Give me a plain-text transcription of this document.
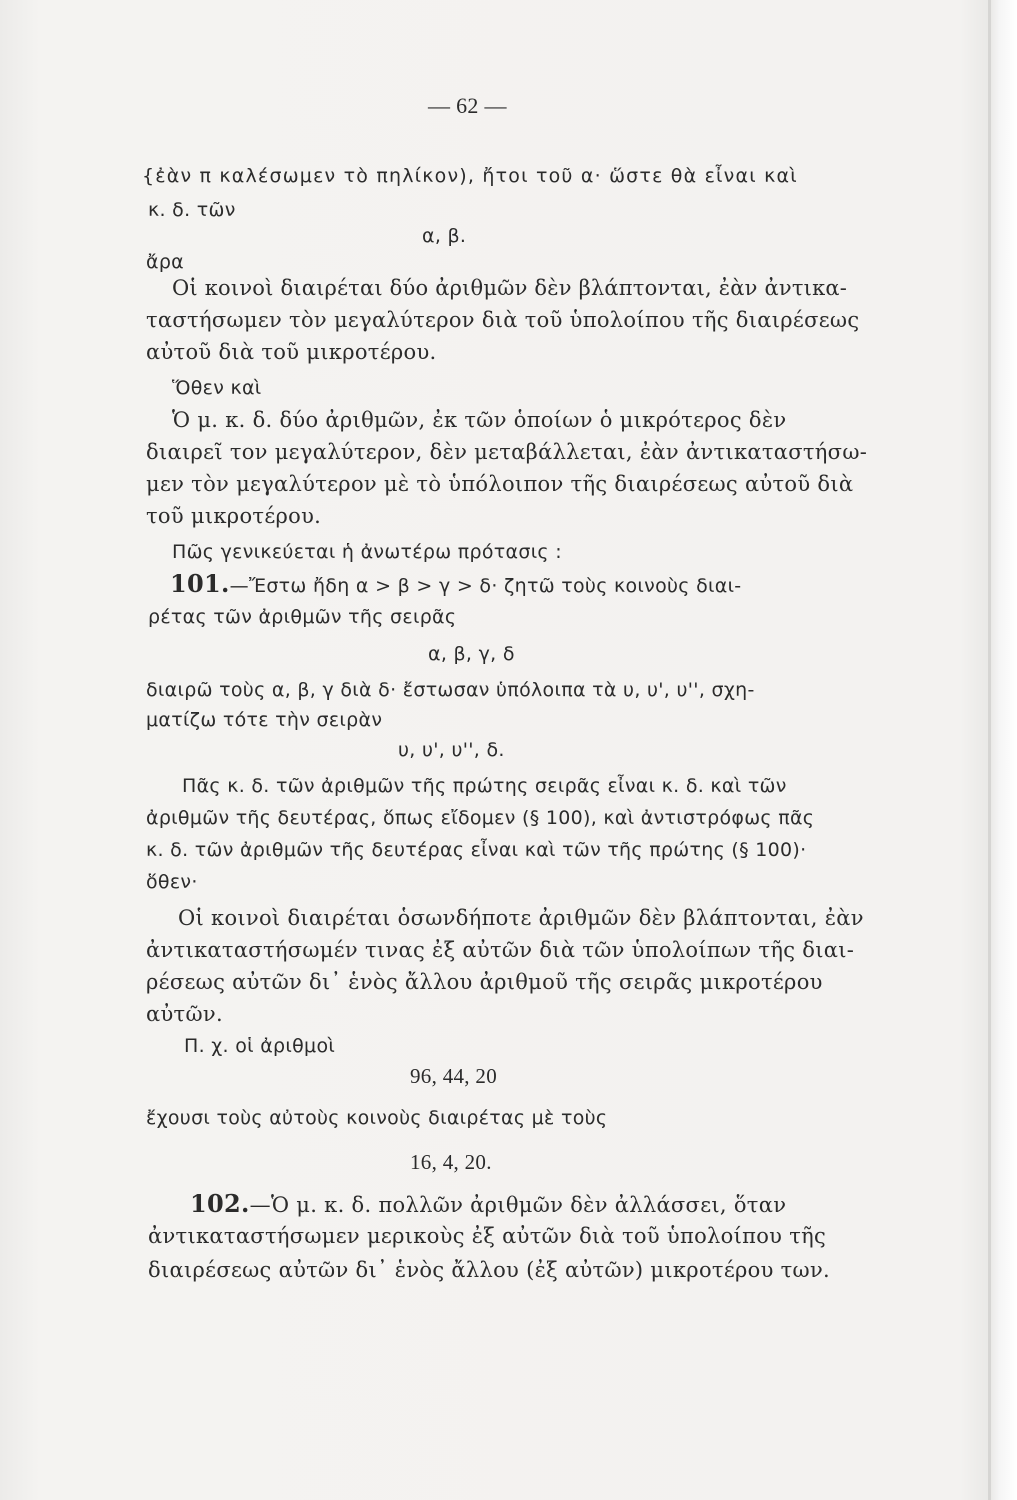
— 62 —
{ἐὰν π καλέσωμεν τὸ πηλίκον), ἤτοι τοῦ α· ὥστε θὰ εἶναι καὶ
κ. δ. τῶν
α, β.
ἄρα
Οἱ κοινοὶ διαιρέται δύο ἀριθμῶν δὲν βλάπτονται, ἐὰν ἀντικα-
ταστήσωμεν τὸν μεγαλύτερον διὰ τοῦ ὑπολοίπου τῆς διαιρέσεως
αὐτοῦ διὰ τοῦ μικροτέρου.
Ὅθεν καὶ
Ὁ μ. κ. δ. δύο ἀριθμῶν, ἐκ τῶν ὁποίων ὁ μικρότερος δὲν
διαιρεῖ τον μεγαλύτερον, δὲν μεταβάλλεται, ἐὰν ἀντικαταστήσω-
μεν τὸν μεγαλύτερον μὲ τὸ ὑπόλοιπον τῆς διαιρέσεως αὐτοῦ διὰ
τοῦ μικροτέρου.
Πῶς γενικεύεται ἡ ἀνωτέρω πρότασις :
101.—Ἔστω ἤδη α > β > γ > δ· ζητῶ τοὺς κοινοὺς διαι-
ρέτας τῶν ἀριθμῶν τῆς σειρᾶς
α, β, γ, δ
διαιρῶ τοὺς α, β, γ διὰ δ· ἔστωσαν ὑπόλοιπα τὰ υ, υ', υ'', σχη-
ματίζω τότε τὴν σειρὰν
υ, υ', υ'', δ.
Πᾶς κ. δ. τῶν ἀριθμῶν τῆς πρώτης σειρᾶς εἶναι κ. δ. καὶ τῶν
ἀριθμῶν τῆς δευτέρας, ὅπως εἴδομεν (§ 100), καὶ ἀντιστρόφως πᾶς
κ. δ. τῶν ἀριθμῶν τῆς δευτέρας εἶναι καὶ τῶν τῆς πρώτης (§ 100)·
ὅθεν·
Οἱ κοινοὶ διαιρέται ὁσωνδήποτε ἀριθμῶν δὲν βλάπτονται, ἐὰν
ἀντικαταστήσωμέν τινας ἐξ αὐτῶν διὰ τῶν ὑπολοίπων τῆς διαι-
ρέσεως αὐτῶν δι᾽ ἑνὸς ἄλλου ἀριθμοῦ τῆς σειρᾶς μικροτέρου
αὐτῶν.
Π. χ. οἱ ἀριθμοὶ
96, 44, 20
ἔχουσι τοὺς αὐτοὺς κοινοὺς διαιρέτας μὲ τοὺς
16, 4, 20.
102.—Ὁ μ. κ. δ. πολλῶν ἀριθμῶν δὲν ἀλλάσσει, ὅταν
ἀντικαταστήσωμεν μερικοὺς ἐξ αὐτῶν διὰ τοῦ ὑπολοίπου τῆς
διαιρέσεως αὐτῶν δι᾽ ἑνὸς ἄλλου (ἐξ αὐτῶν) μικροτέρου των.
